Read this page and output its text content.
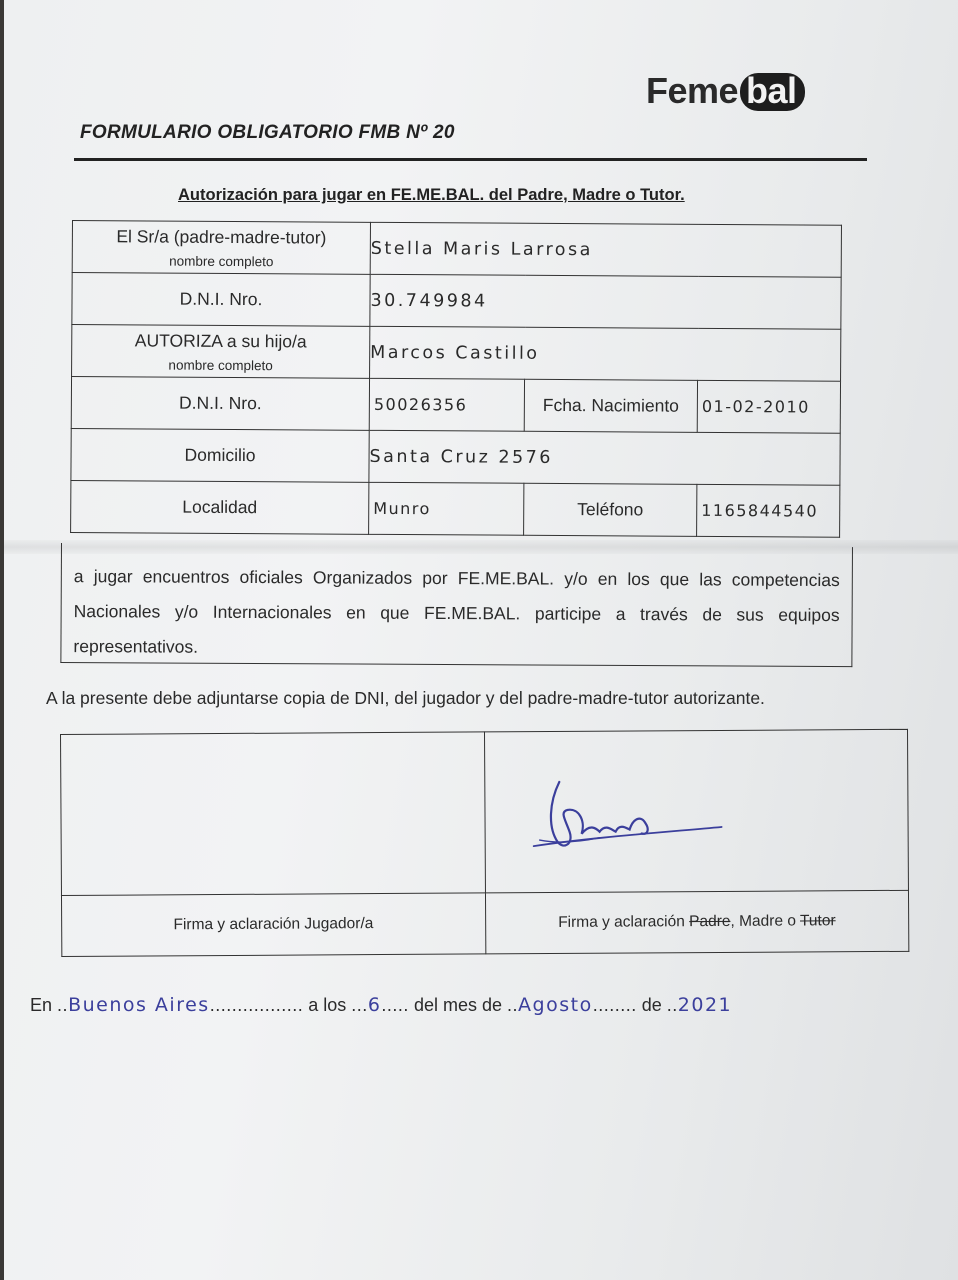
Feme bal
FORMULARIO OBLIGATORIO FMB Nº 20
Autorización para jugar en FE.ME.BAL. del Padre, Madre o Tutor.
El Sr/a (padre-madre-tutor)
nombre completo	Stella Maris Larrosa		
D.N.I. Nro.	30.749984		
AUTORIZA a su hijo/a
nombre completo	Marcos Castillo		
D.N.I. Nro.	50026356	Fcha. Nacimiento	01-02-2010
Domicilio	Santa Cruz 2576		
Localidad	Munro	Teléfono	1165844540
a jugar encuentros oficiales Organizados por FE.ME.BAL. y/o en los que las competencias Nacionales y/o Internacionales en que FE.ME.BAL. participe a través de sus equipos representativos.
A la presente debe adjuntarse copia de DNI, del jugador y del padre-madre-tutor autorizante.

Firma y aclaración Jugador/a	Firma y aclaración Padre, Madre o Tutor
En ..Buenos Aires................. a los ...6..... del mes de ..Agosto........ de ..2021
